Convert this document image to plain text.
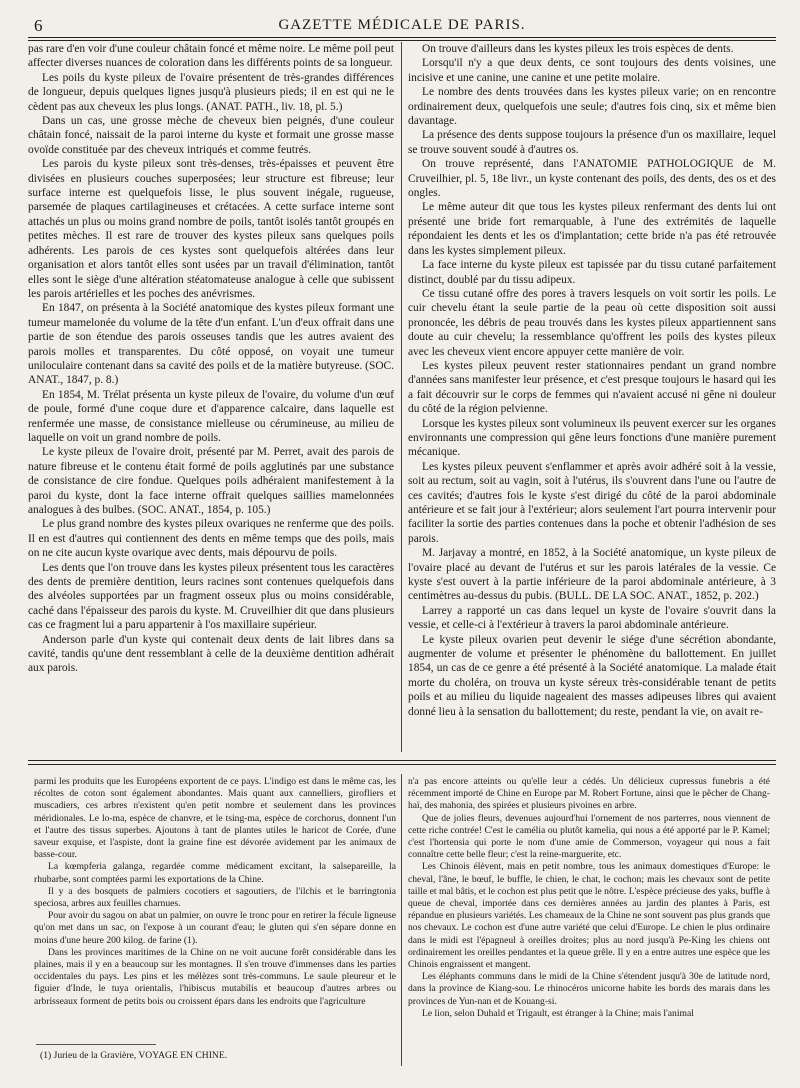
6	GAZETTE MÉDICALE DE PARIS.

pas rare d'en voir d'une couleur châtain foncé et même noire. Le même poil peut affecter diverses nuances de coloration dans les différents points de sa longueur.

Les poils du kyste pileux de l'ovaire présentent de très-grandes différences de longueur, depuis quelques lignes jusqu'à plusieurs pieds; il en est qui ne le cèdent pas aux cheveux les plus longs. (ANAT. PATH., liv. 18, pl. 5.)

Dans un cas, une grosse mèche de cheveux bien peignés, d'une couleur châtain foncé, naissait de la paroi interne du kyste et formait une grosse masse ovoïde constituée par des cheveux intriqués et comme feutrés.

Les parois du kyste pileux sont très-denses, très-épaisses et peuvent être divisées en plusieurs couches superposées; leur structure est fibreuse; leur surface interne est quelquefois lisse, le plus souvent inégale, rugueuse, parsemée de plaques cartilagineuses et crétacées. A cette surface interne sont attachés un plus ou moins grand nombre de poils, tantôt isolés tantôt groupés en petites mèches. Il est rare de trouver des kystes pileux sans quelques poils adhérents. Les parois de ces kystes sont quelquefois altérées dans leur organisation et alors tantôt elles sont usées par un travail d'élimination, tantôt elles sont le siège d'une altération stéatomateuse analogue à celle que subissent les parois artérielles et les poches des anévrismes.

En 1847, on présenta à la Société anatomique des kystes pileux formant une tumeur mamelonée du volume de la tête d'un enfant. L'un d'eux offrait dans une partie de son étendue des parois osseuses tandis que les autres avaient des parois molles et transparentes. Du côté opposé, on voyait une tumeur uniloculaire contenant dans sa cavité des poils et de la matière butyreuse. (SOC. ANAT., 1847, p. 8.)

En 1854, M. Trélat présenta un kyste pileux de l'ovaire, du volume d'un œuf de poule, formé d'une coque dure et d'apparence calcaire, dans laquelle est renfermée une masse, de consistance mielleuse ou cérumineuse, au milieu de laquelle on voit un grand nombre de poils.

Le kyste pileux de l'ovaire droit, présenté par M. Perret, avait des parois de nature fibreuse et le contenu était formé de poils agglutinés par une substance de consistance de cire fondue. Quelques poils adhéraient manifestement à la paroi du kyste, dont la face interne offrait quelques saillies mamelonnées analogues à des bulbes. (SOC. ANAT., 1854, p. 105.)

Le plus grand nombre des kystes pileux ovariques ne renferme que des poils. Il en est d'autres qui contiennent des dents en même temps que des poils, mais on ne cite aucun kyste ovarique avec dents, mais dépourvu de poils.

Les dents que l'on trouve dans les kystes pileux présentent tous les caractères des dents de première dentition, leurs racines sont contenues quelquefois dans des alvéoles supportées par un fragment osseux plus ou moins considérable, caché dans l'épaisseur des parois du kyste. M. Cruveilhier dit que dans plusieurs cas ce fragment lui a paru appartenir à l'os maxillaire supérieur.

Anderson parle d'un kyste qui contenait deux dents de lait libres dans sa cavité, tandis qu'une dent ressemblant à celle de la deuxième dentition adhérait aux parois.

On trouve d'ailleurs dans les kystes pileux les trois espèces de dents.

Lorsqu'il n'y a que deux dents, ce sont toujours des dents voisines, une incisive et une canine, une canine et une petite molaire.

Le nombre des dents trouvées dans les kystes pileux varie; on en rencontre ordinairement deux, quelquefois une seule; d'autres fois cinq, six et même bien davantage.

La présence des dents suppose toujours la présence d'un os maxillaire, lequel se trouve souvent soudé à d'autres os.

On trouve représenté, dans l'ANATOMIE PATHOLOGIQUE de M. Cruveilhier, pl. 5, 18e livr., un kyste contenant des poils, des dents, des os et des ongles.

Le même auteur dit que tous les kystes pileux renfermant des dents lui ont présenté une bride fort remarquable, à l'une des extrémités de laquelle répondaient les dents et les os d'implantation; cette bride n'a pas été retrouvée dans les kystes simplement pileux.

La face interne du kyste pileux est tapissée par du tissu cutané parfaitement distinct, doublé par du tissu adipeux.

Ce tissu cutané offre des pores à travers lesquels on voit sortir les poils. Le cuir chevelu étant la seule partie de la peau où cette disposition soit aussi prononcée, les débris de peau trouvés dans les kystes pileux appartiennent sans doute au cuir chevelu; la ressemblance qu'offrent les poils des kystes pileux avec les cheveux vient encore appuyer cette manière de voir.

Les kystes pileux peuvent rester stationnaires pendant un grand nombre d'années sans manifester leur présence, et c'est presque toujours le hasard qui les a fait découvrir sur le corps de femmes qui n'avaient accusé ni gêne ni douleur du côté de la région pelvienne.

Lorsque les kystes pileux sont volumineux ils peuvent exercer sur les organes environnants une compression qui gêne leurs fonctions d'une manière purement mécanique.

Les kystes pileux peuvent s'enflammer et après avoir adhéré soit à la vessie, soit au rectum, soit au vagin, soit à l'utérus, ils s'ouvrent dans l'une ou l'autre de ces cavités; d'autres fois le kyste s'est dirigé du côté de la paroi abdominale antérieure et se fait jour à l'extérieur; alors seulement l'art pourra intervenir pour faciliter la sortie des parties contenues dans la poche et obtenir l'adhésion de ses parois.

M. Jarjavay a montré, en 1852, à la Société anatomique, un kyste pileux de l'ovaire placé au devant de l'utérus et sur les parois latérales de la vessie. Ce kyste s'est ouvert à la partie inférieure de la paroi abdominale antérieure, à 3 centimètres au-dessus du pubis. (BULL. DE LA SOC. ANAT., 1852, p. 202.)

Larrey a rapporté un cas dans lequel un kyste de l'ovaire s'ouvrit dans la vessie, et celle-ci à l'extérieur à travers la paroi abdominale antérieure.

Le kyste pileux ovarien peut devenir le siége d'une sécrétion abondante, augmenter de volume et présenter le phénomène du ballottement. En juillet 1854, un cas de ce genre a été présenté à la Société anatomique. La malade était morte du choléra, on trouva un kyste séreux très-considérable tenant de petits poils et au milieu du liquide nageaient des masses adipeuses libres qui avaient donné lieu à la sensation du ballottement; du reste, pendant la vie, on avait re-

parmi les produits que les Européens exportent de ce pays. L'indigo est dans le même cas, les récoltes de coton sont également abondantes. Mais quant aux cannelliers, girofliers et muscadiers, ces arbres n'existent qu'en petit nombre et seulement dans les provinces méridionales. Le lo-ma, espèce de chanvre, et le tsing-ma, espèce de corchorus, donnent l'un et l'autre des tissus superbes. Ajoutons à tant de plantes utiles le haricot de Corée, d'une saveur exquise, et l'aspiste, dont la graine fine est dévorée avidement par les animaux de basse-cour.

La kœmpferia galanga, regardée comme médicament excitant, la salsepareille, la rhubarbe, sont comptées parmi les exportations de la Chine.

Il y a des bosquets de palmiers cocotiers et sagoutiers, de l'ilchis et le barringtonia speciosa, arbres aux feuilles charnues.

Pour avoir du sagou on abat un palmier, on ouvre le tronc pour en retirer la fécule ligneuse qu'on met dans un sac, on l'expose à un courant d'eau; le gluten qui s'en sépare donne en moins d'une heure 200 kilog. de farine (1).

Dans les provinces maritimes de la Chine on ne voit aucune forêt considérable dans les plaines, mais il y en a beaucoup sur les montagnes. Il s'en trouve d'immenses dans les parties occidentales du pays. Les pins et les mélèzes sont très-communs. Le saule pleureur et le figuier d'Inde, le tuya orientalis, l'hibiscus mutabilis et beaucoup d'autres arbres ou arbrisseaux forment de petits bois ou croissent épars dans les endroits que l'agriculture

n'a pas encore atteints ou qu'elle leur a cédés. Un délicieux cupressus funebris a été récemment importé de Chine en Europe par M. Robert Fortune, ainsi que le pêcher de Chang-haï, des mahonia, des spirées et plusieurs pivoines en arbre.

Que de jolies fleurs, devenues aujourd'hui l'ornement de nos parterres, nous viennent de cette riche contrée! C'est le camélia ou plutôt kamelia, qui nous a été apporté par le P. Kamel; c'est l'hortensia qui porte le nom d'une amie de Commerson, voyageur qui nous a fait connaître cette belle fleur; c'est la reine-marguerite, etc.

Les Chinois élèvent, mais en petit nombre, tous les animaux domestiques d'Europe: le cheval, l'âne, le bœuf, le buffle, le chien, le chat, le cochon; mais les chevaux sont de petite taille et mal bâtis, et le cochon est plus petit que le nôtre. L'espèce précieuse des yaks, buffle à queue de cheval, importée dans ces dernières années au jardin des plantes à Paris, est répandue en plusieurs variétés. Les chameaux de la Chine ne sont souvent pas plus grands que nos chevaux. Le cochon est d'une autre variété que celui d'Europe. Le chien le plus ordinaire dans le midi est l'épagneul à oreilles droites; plus au nord jusqu'à Pe-King les chiens ont ordinairement les oreilles pendantes et la queue grêle. Il y en a entre autres une espèce que les Chinois engraissent et mangent.

Les éléphants communs dans le midi de la Chine s'étendent jusqu'à 30e de latitude nord, dans la province de Kiang-sou. Le rhinocéros unicorne habite les bords des marais dans les provinces de Yun-nan et de Kouang-si.

Le lion, selon Duhald et Trigault, est étranger à la Chine; mais l'animal

(1) Jurieu de la Gravière, VOYAGE EN CHINE.
